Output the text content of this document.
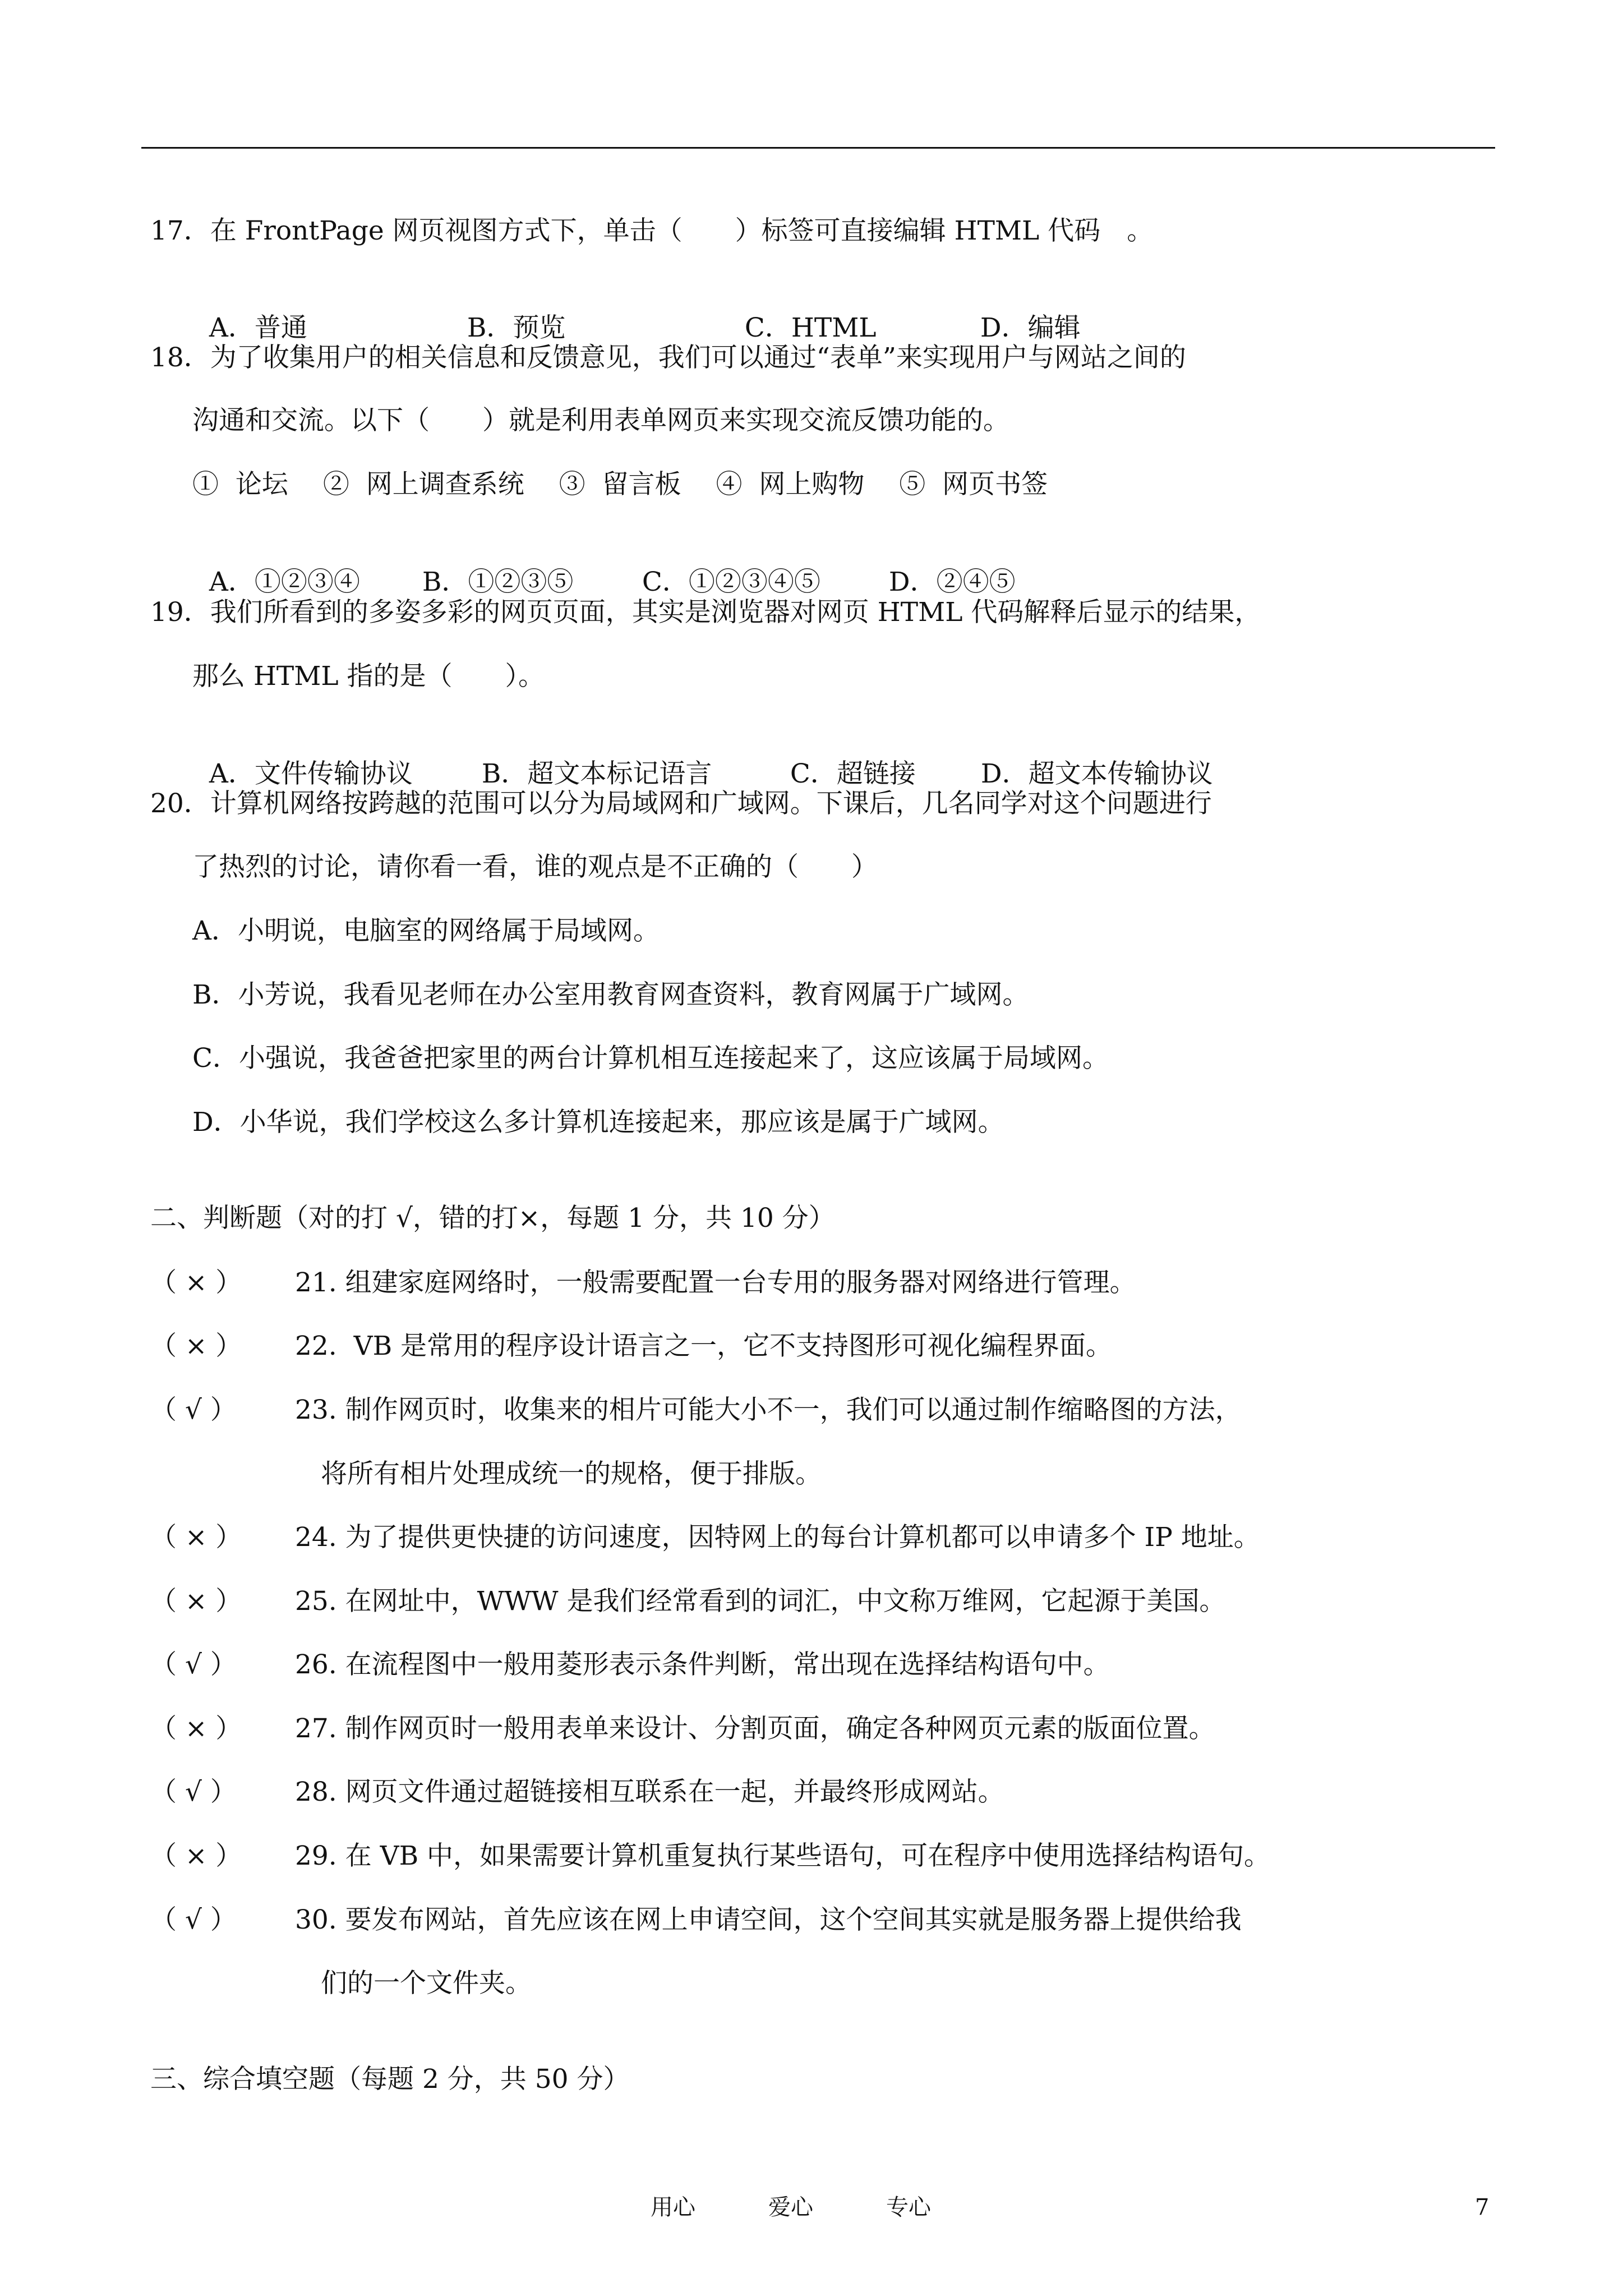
17．在 FrontPage 网页视图方式下，单击（　　）标签可直接编辑 HTML 代码　。

A．普通	B．预览	C．HTML	D．编辑

18．为了收集用户的相关信息和反馈意见，我们可以通过“表单”来实现用户与网站之间的
沟通和交流。以下（　　）就是利用表单网页来实现交流反馈功能的。
①  论坛　 ②  网上调查系统　 ③  留言板　 ④  网上购物　 ⑤  网页书签

A．①②③④ B．①②③⑤	C．①②③④⑤	D．②④⑤

19．我们所看到的多姿多彩的网页页面，其实是浏览器对网页 HTML 代码解释后显示的结果，
那么 HTML 指的是（　　）。

A．文件传输协议	B．超文本标记语言	C．超链接 D．超文本传输协议

20．计算机网络按跨越的范围可以分为局域网和广域网。下课后，几名同学对这个问题进行
了热烈的讨论，请你看一看，谁的观点是不正确的（　　）
A．小明说，电脑室的网络属于局域网。
B．小芳说，我看见老师在办公室用教育网查资料，教育网属于广域网。
C．小强说，我爸爸把家里的两台计算机相互连接起来了，这应该属于局域网。
D．小华说，我们学校这么多计算机连接起来，那应该是属于广域网。
二、判断题（对的打 √，错的打×，每题 1 分，共 10 分）
（ × ） 21. 组建家庭网络时，一般需要配置一台专用的服务器对网络进行管理。
（ × ） 22.  VB 是常用的程序设计语言之一，它不支持图形可视化编程界面。
（ √ ） 23. 制作网页时，收集来的相片可能大小不一，我们可以通过制作缩略图的方法，
将所有相片处理成统一的规格，便于排版。
（ × ） 24. 为了提供更快捷的访问速度，因特网上的每台计算机都可以申请多个 IP 地址。
（ × ） 25. 在网址中，WWW 是我们经常看到的词汇，中文称万维网，它起源于美国。
（ √ ） 26. 在流程图中一般用菱形表示条件判断，常出现在选择结构语句中。
（ × ） 27. 制作网页时一般用表单来设计、分割页面，确定各种网页元素的版面位置。
（ √ ） 28. 网页文件通过超链接相互联系在一起，并最终形成网站。
（ × ） 29. 在 VB 中，如果需要计算机重复执行某些语句，可在程序中使用选择结构语句。
（ √ ） 30. 要发布网站，首先应该在网上申请空间，这个空间其实就是服务器上提供给我
们的一个文件夹。
三、综合填空题（每题 2 分，共 50 分）
用心	爱心	专心	7
